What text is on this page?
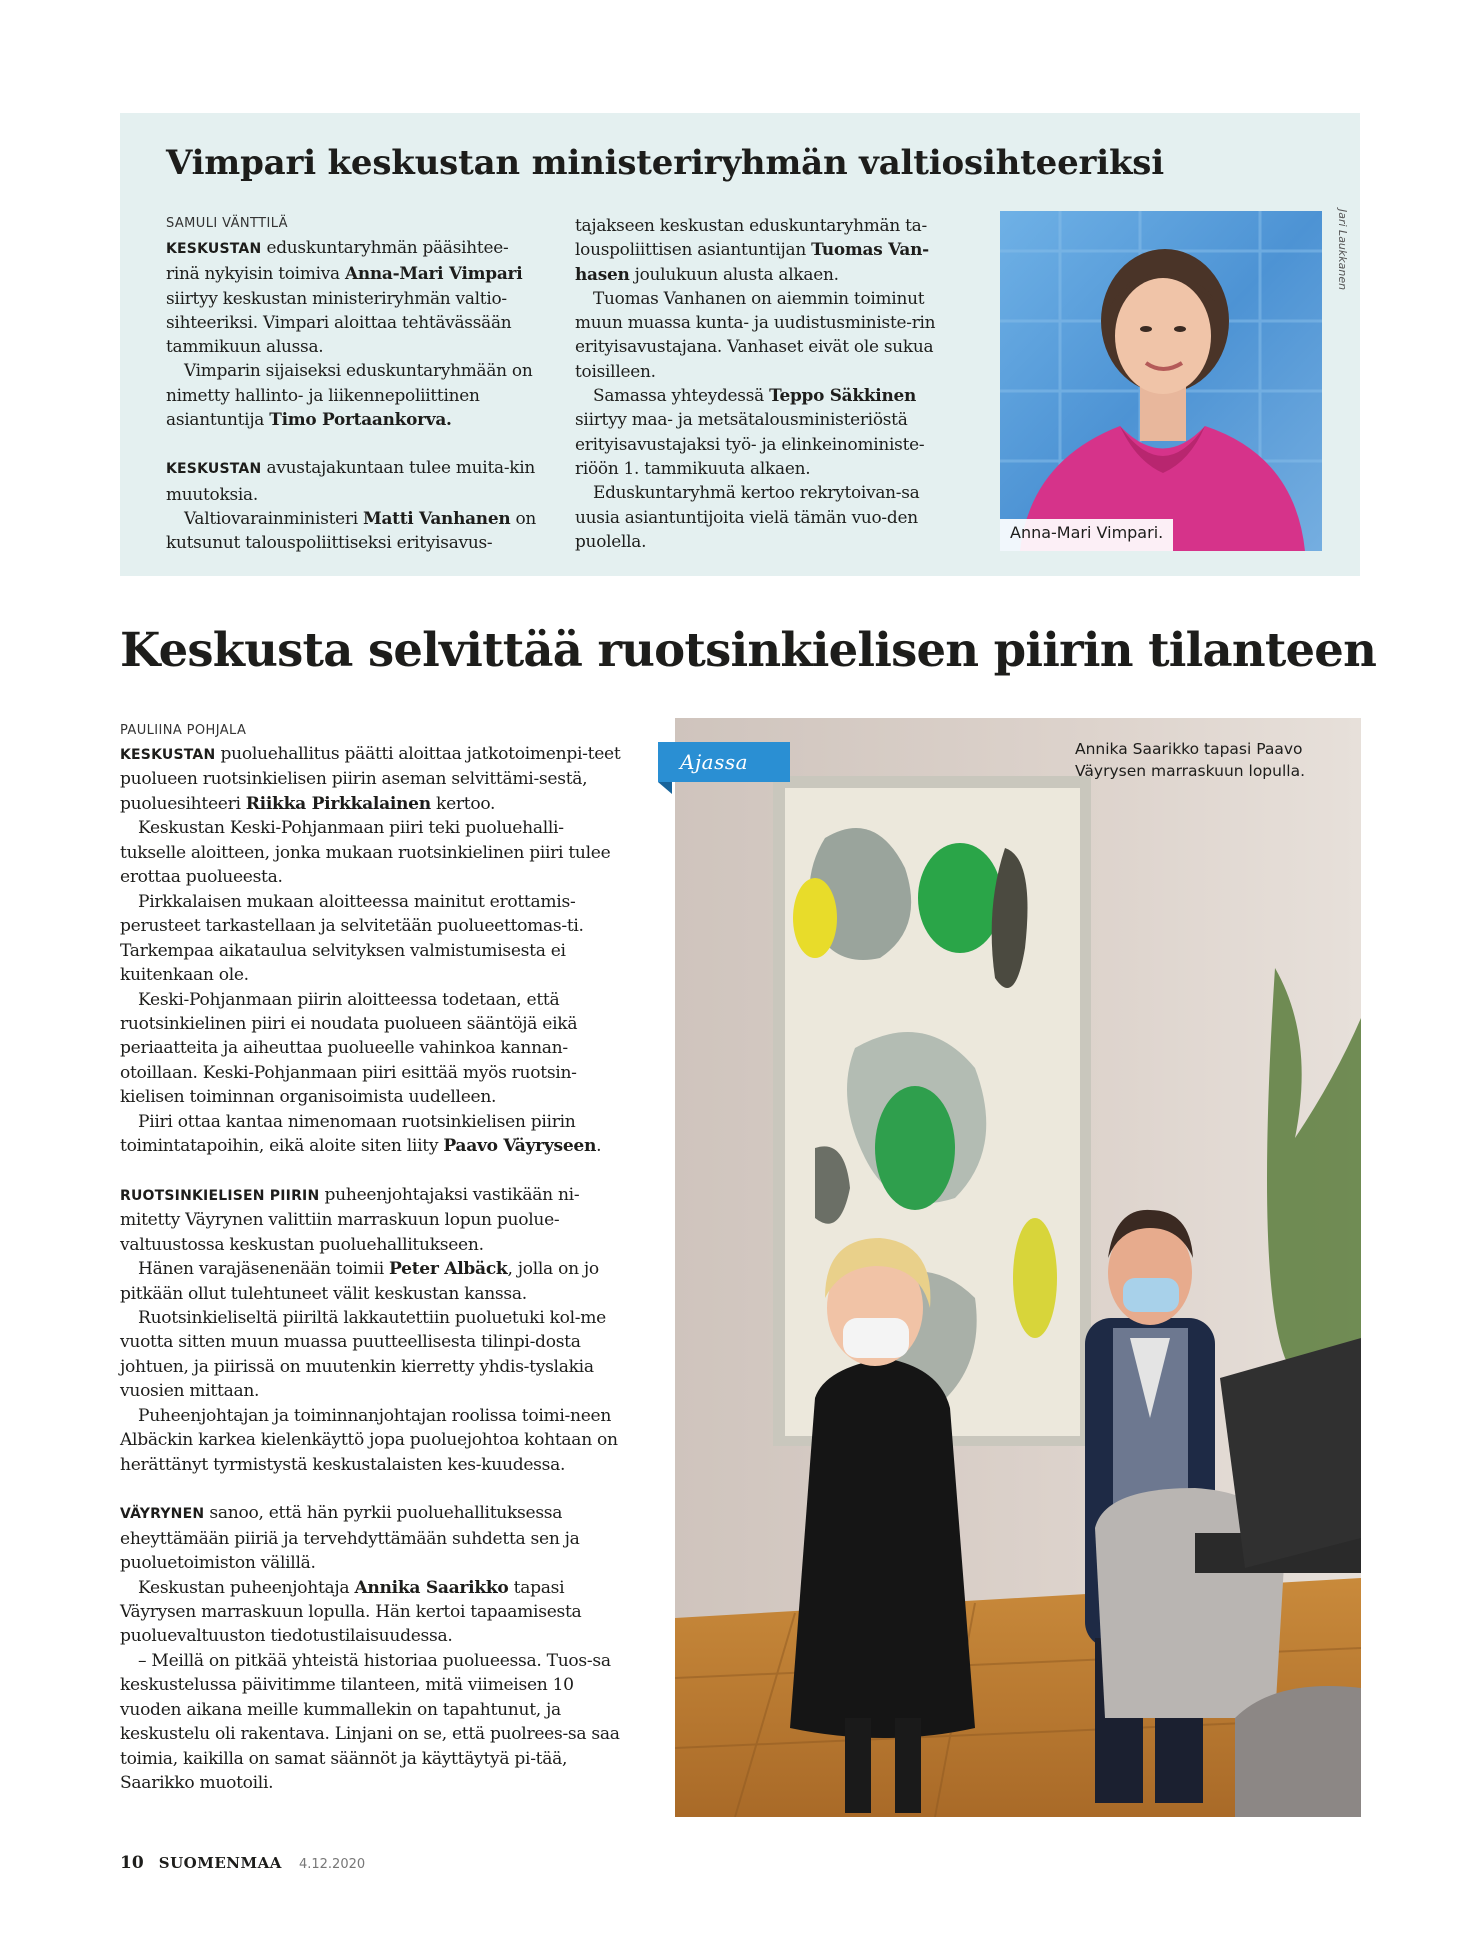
Vimpari keskustan ministeriryhmän valtiosihteeriksi
SAMULI VÄNTTILÄ

KESKUSTAN eduskuntaryhmän pääsihtee-rinä nykyisin toimiva Anna-Mari Vimpari siirtyy keskustan ministeriryhmän valtio-sihteeriksi. Vimpari aloittaa tehtävässään tammikuun alussa.

Vimparin sijaiseksi eduskuntaryhmään on nimetty hallinto- ja liikennepoliittinen asiantuntija Timo Portaankorva.

KESKUSTAN avustajakuntaan tulee muita-kin muutoksia.

Valtiovarainministeri Matti Vanhanen on kutsunut talouspoliittiseksi erityisavus-

tajakseen keskustan eduskuntaryhmän ta-louspoliittisen asiantuntijan Tuomas Van-hasen joulukuun alusta alkaen.

Tuomas Vanhanen on aiemmin toiminut muun muassa kunta- ja uudistusministe-rin erityisavustajana. Vanhaset eivät ole sukua toisilleen.

Samassa yhteydessä Teppo Säkkinen siirtyy maa- ja metsätalousministeriöstä erityisavustajaksi työ- ja elinkeinoministe-riöön 1. tammikuuta alkaen.

Eduskuntaryhmä kertoo rekrytoivan-sa uusia asiantuntijoita vielä tämän vuo-den puolella.	Anna-Mari Vimpari.
Jari Laukkanen
Keskusta selvittää ruotsinkielisen piirin tilanteen
PAULIINA POHJALA

KESKUSTAN puoluehallitus päätti aloittaa jatkotoimenpi-teet puolueen ruotsinkielisen piirin aseman selvittämi-sestä, puoluesihteeri Riikka Pirkkalainen kertoo.

Keskustan Keski-Pohjanmaan piiri teki puoluehalli-tukselle aloitteen, jonka mukaan ruotsinkielinen piiri tulee erottaa puolueesta.

Pirkkalaisen mukaan aloitteessa mainitut erottamis-perusteet tarkastellaan ja selvitetään puolueettomas-ti. Tarkempaa aikataulua selvityksen valmistumisesta ei kuitenkaan ole.

Keski-Pohjanmaan piirin aloitteessa todetaan, että ruotsinkielinen piiri ei noudata puolueen sääntöjä eikä periaatteita ja aiheuttaa puolueelle vahinkoa kannan-otoillaan. Keski-Pohjanmaan piiri esittää myös ruotsin-kielisen toiminnan organisoimista uudelleen.

Piiri ottaa kantaa nimenomaan ruotsinkielisen piirin toimintatapoihin, eikä aloite siten liity Paavo Väyryseen.

RUOTSINKIELISEN PIIRIN puheenjohtajaksi vastikään ni-mitetty Väyrynen valittiin marraskuun lopun puolue-valtuustossa keskustan puoluehallitukseen.

Hänen varajäsenenään toimii Peter Albäck, jolla on jo pitkään ollut tulehtuneet välit keskustan kanssa.

Ruotsinkieliseltä piiriltä lakkautettiin puoluetuki kol-me vuotta sitten muun muassa puutteellisesta tilinpi-dosta johtuen, ja piirissä on muutenkin kierretty yhdis-tyslakia vuosien mittaan.

Puheenjohtajan ja toiminnanjohtajan roolissa toimi-neen Albäckin karkea kielenkäyttö jopa puoluejohtoa kohtaan on herättänyt tyrmistystä keskustalaisten kes-kuudessa.

VÄYRYNEN sanoo, että hän pyrkii puoluehallituksessa eheyttämään piiriä ja tervehdyttämään suhdetta sen ja puoluetoimiston välillä.

Keskustan puheenjohtaja Annika Saarikko tapasi Väyrysen marraskuun lopulla. Hän kertoi tapaamisesta puoluevaltuuston tiedotustilaisuudessa.

– Meillä on pitkää yhteistä historiaa puolueessa. Tuos-sa keskustelussa päivitimme tilanteen, mitä viimeisen 10 vuoden aikana meille kummallekin on tapahtunut, ja keskustelu oli rakentava. Linjani on se, että puolrees-sa saa toimia, kaikilla on samat säännöt ja käyttäytyä pi-tää, Saarikko muotoili.

Annika Saarikko tapasi Paavo Väyrysen marraskuun lopulla.
Ajassa
10 SUOMENMAA 4.12.2020
